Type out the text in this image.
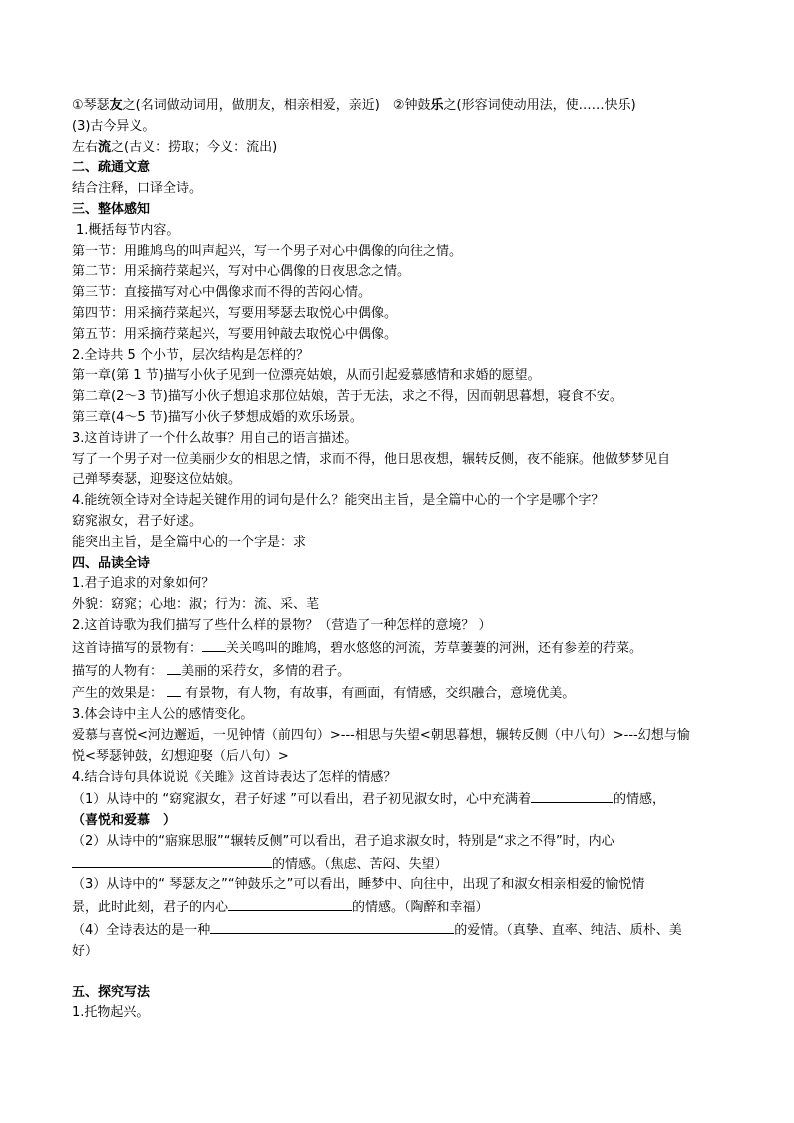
①琴瑟友之(名词做动词用，做朋友，相亲相爱，亲近)　②钟鼓乐之(形容词使动用法，使……快乐)

(3)古今异义。

左右流之(古义：捞取；今义：流出)

二、疏通文意

结合注释，口译全诗。

三、整体感知

1.概括每节内容。

第一节：用雎鸠鸟的叫声起兴，写一个男子对心中偶像的向往之情。

第二节：用采摘荇菜起兴，写对中心偶像的日夜思念之情。

第三节：直接描写对心中偶像求而不得的苦闷心情。

第四节：用采摘荇菜起兴，写要用琴瑟去取悦心中偶像。

第五节：用采摘荇菜起兴，写要用钟敲去取悦心中偶像。

2.全诗共 5 个小节，层次结构是怎样的？

第一章(第 1 节)描写小伙子见到一位漂亮姑娘，从而引起爱慕感情和求婚的愿望。

第二章(2～3 节)描写小伙子想追求那位姑娘，苦于无法，求之不得，因而朝思暮想，寝食不安。

第三章(4～5 节)描写小伙子梦想成婚的欢乐场景。

3.这首诗讲了一个什么故事？用自己的语言描述。

写了一个男子对一位美丽少女的相思之情，求而不得，他日思夜想，辗转反侧，夜不能寐。他做梦梦见自

己弹琴奏瑟，迎娶这位姑娘。

4.能统领全诗对全诗起关键作用的词句是什么？能突出主旨，是全篇中心的一个字是哪个字？

窈窕淑女，君子好逑。

能突出主旨，是全篇中心的一个字是：求

四、品读全诗

1.君子追求的对象如何？

外貌：窈窕；心地：淑；行为：流、采、芼

2.这首诗歌为我们描写了些什么样的景物？（营造了一种怎样的意境？ ）

这首诗描写的景物有： 关关鸣叫的雎鸠，碧水悠悠的河流，芳草萋萋的河洲，还有参差的荇菜。

描写的人物有： 美丽的采荇女，多情的君子。

产生的效果是：  有景物，有人物，有故事，有画面，有情感，交织融合，意境优美。

3.体会诗中主人公的感情变化。

爱慕与喜悦<河边邂逅，一见钟情（前四句）>---相思与失望<朝思暮想，辗转反侧（中八句）>---幻想与愉

悦<琴瑟钟鼓，幻想迎娶（后八句）>

4.结合诗句具体说说《关雎》这首诗表达了怎样的情感？

（1）从诗中的 “窈窕淑女，君子好逑 ”可以看出，君子初见淑女时，心中充满着	的情感，

（喜悦和爱慕　）

（2）从诗中的“寤寐思服”“辗转反侧”可以看出，君子追求淑女时，特别是“求之不得”时，内心

的情感。（焦虑、苦闷、失望）

（3）从诗中的“ 琴瑟友之”“钟鼓乐之”可以看出，睡梦中、向往中，出现了和淑女相亲相爱的愉悦情

景，此时此刻，君子的内心	的情感。（陶醉和幸福）

（4）全诗表达的是一种	的爱情。（真挚、直率、纯洁、质朴、美

好）

五、探究写法

1.托物起兴。
